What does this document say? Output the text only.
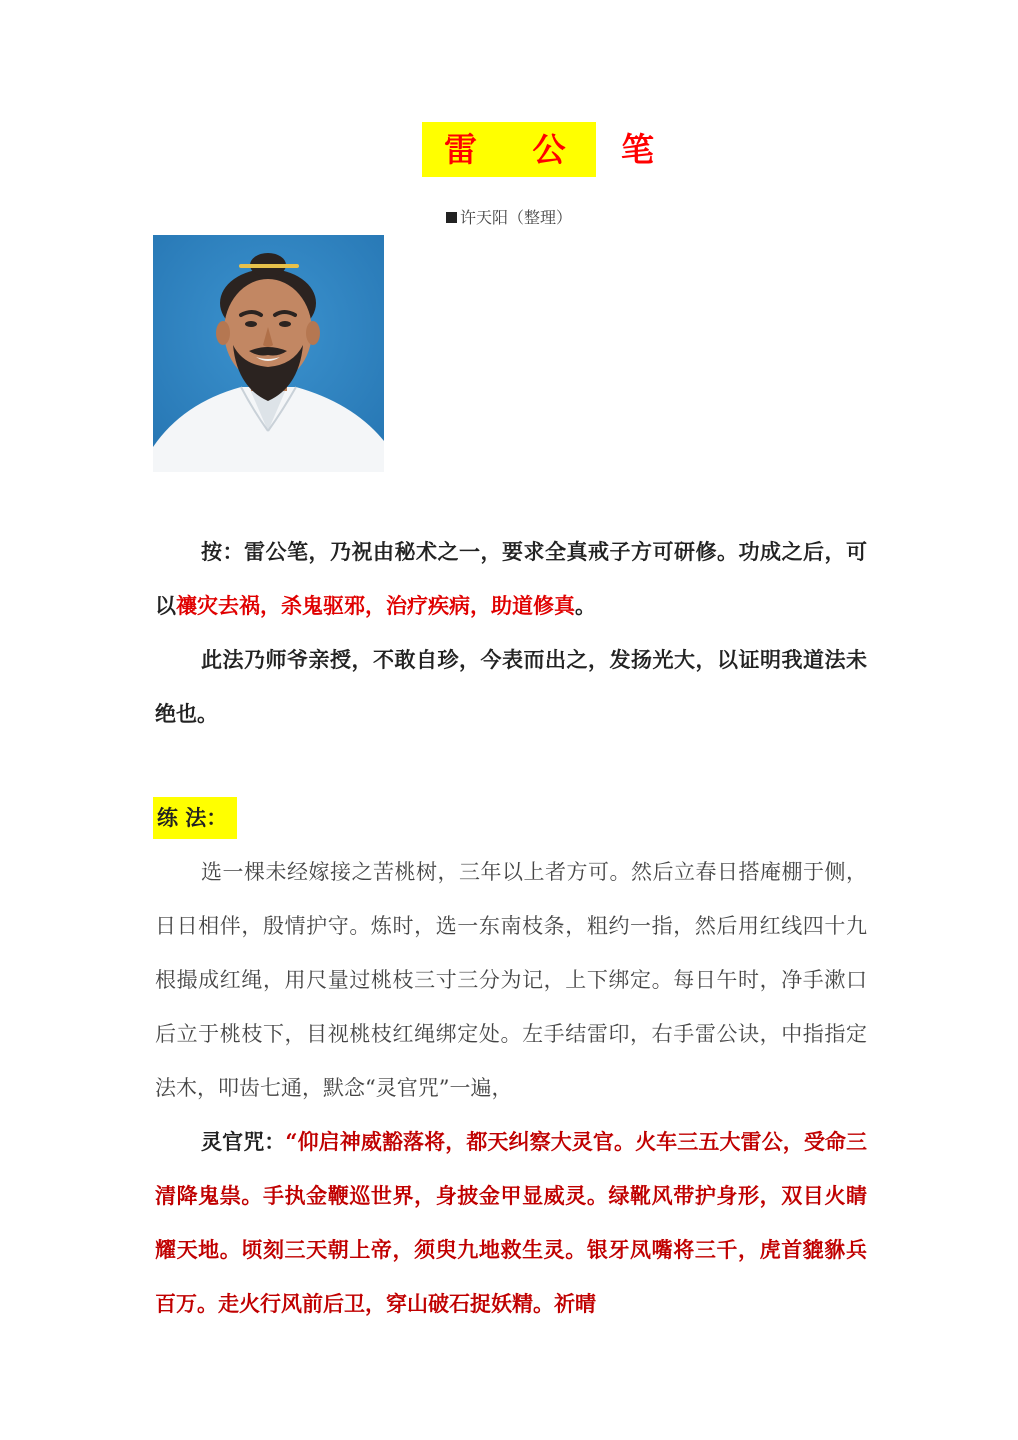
雷 公 笔
许天阳（整理）

按：雷公笔，乃祝由秘术之一，要求全真戒子方可研修。功成之后，可以禳灾去祸，杀鬼驱邪，治疗疾病，助道修真。

此法乃师爷亲授，不敢自珍，今表而出之，发扬光大，以证明我道法未绝也。

练 法：

选一棵未经嫁接之苦桃树，三年以上者方可。然后立春日搭庵棚于侧，日日相伴，殷情护守。炼时，选一东南枝条，粗约一指，然后用红线四十九根撮成红绳，用尺量过桃枝三寸三分为记，上下绑定。每日午时，净手漱口后立于桃枝下，目视桃枝红绳绑定处。左手结雷印，右手雷公诀，中指指定法木，叩齿七通，默念“灵官咒”一遍，

灵官咒：“仰启神威豁落将，都天纠察大灵官。火车三五大雷公，受命三清降鬼祟。手执金鞭巡世界，身披金甲显威灵。绿靴风带护身形，双目火睛耀天地。顷刻三天朝上帝，须臾九地救生灵。银牙凤嘴将三千，虎首貔貅兵百万。走火行风前后卫，穿山破石捉妖精。祈晴
